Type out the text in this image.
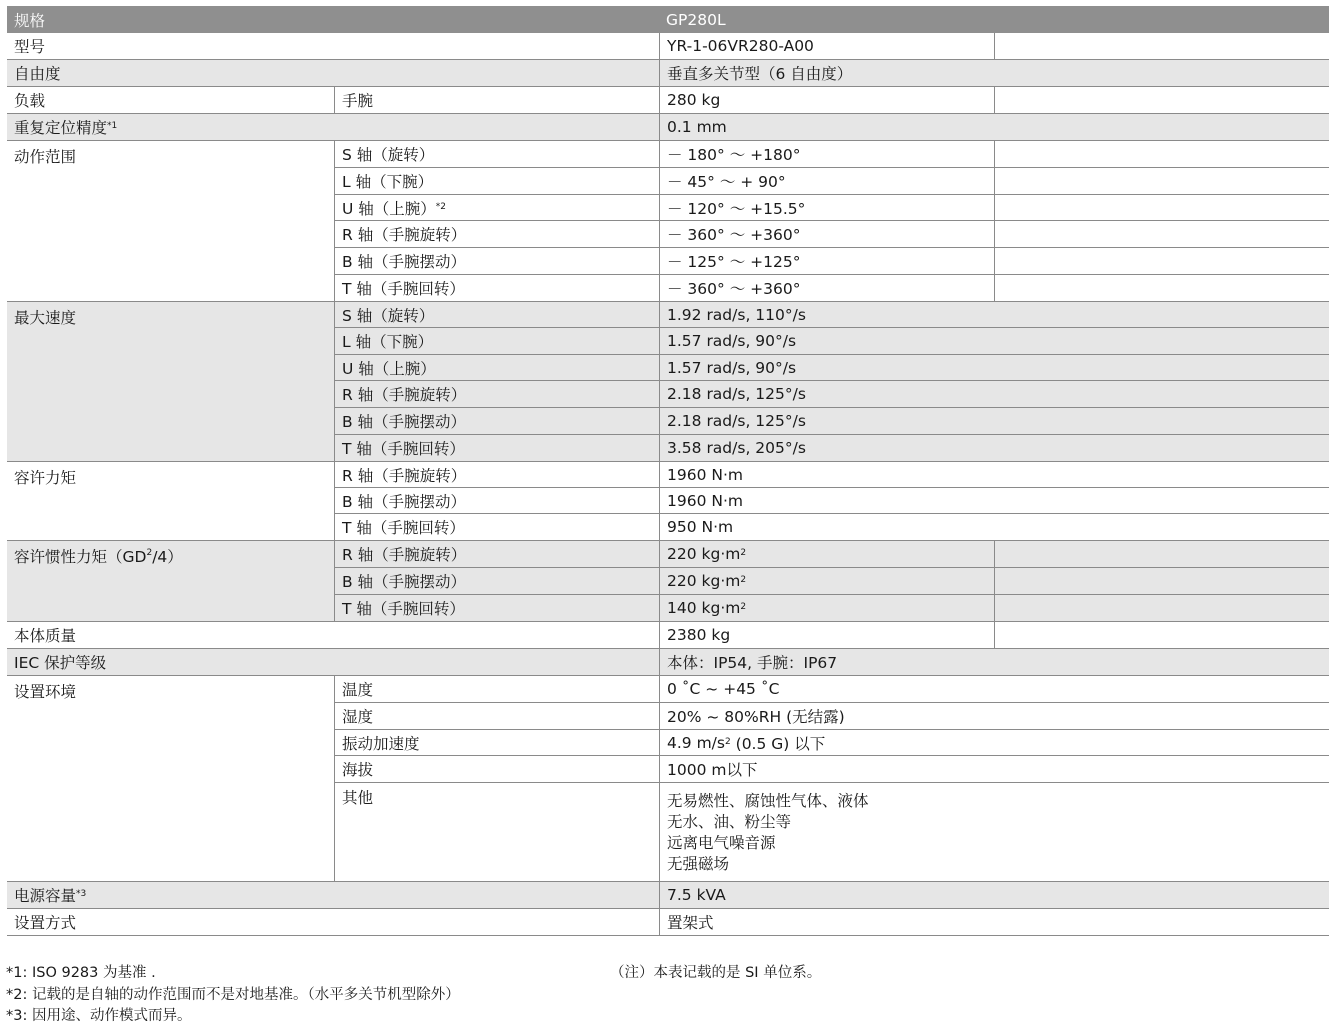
规格	GP280L
型号	YR-1-06VR280-A00
自由度	垂直多关节型（6 自由度）
负载	手腕	280 kg
重复定位精度$^{*1}$	0.1 mm
动作范围	S 轴（旋转）	－ 180° ～ +180°
L 轴（下腕）	－ 45° ～ + 90°
U 轴（上腕）$^{*2}$	－ 120° ～ +15.5°
R 轴（手腕旋转）	－ 360° ～ +360°
B 轴（手腕摆动）	－ 125° ～ +125°
T 轴（手腕回转）	－ 360° ～ +360°
最大速度	S 轴（旋转）	1.92 rad/s, 110°/s
L 轴（下腕）	1.57 rad/s, 90°/s
U 轴（上腕）	1.57 rad/s, 90°/s
R 轴（手腕旋转）	2.18 rad/s, 125°/s
B 轴（手腕摆动）	2.18 rad/s, 125°/s
T 轴（手腕回转）	3.58 rad/s, 205°/s
容许力矩	R 轴（手腕旋转）	1960 N·m
B 轴（手腕摆动）	1960 N·m
T 轴（手腕回转）	950 N·m
容许惯性力矩$(GD^2/4)$	R 轴（手腕旋转）	220 $kg\cdot m^2$
B 轴（手腕摆动）	220 $kg\cdot m^2$
T 轴（手腕回转）	140 $kg\cdot m^2$
本体质量	2380 kg
IEC 保护等级	本体：IP54, 手腕：IP67
设置环境	温度	0 ˚C ~ +45 ˚C
湿度	20% ~ 80%RH (无结露)
振动加速度	4.9 $m/s^2$ (0.5 G) 以下
海拔	1000 m以下
其他	无易燃性、腐蚀性气体、液体
无水、油、粉尘等
远离电气噪音源
无强磁场
电源容量$^{*3}$	7.5 kVA
设置方式	置架式
*1: ISO 9283 为基准 .
*2: 记载的是自轴的动作范围而不是对地基准。（水平多关节机型除外）
*3: 因用途、动作模式而异。
（注）本表记载的是 SI 单位系。
